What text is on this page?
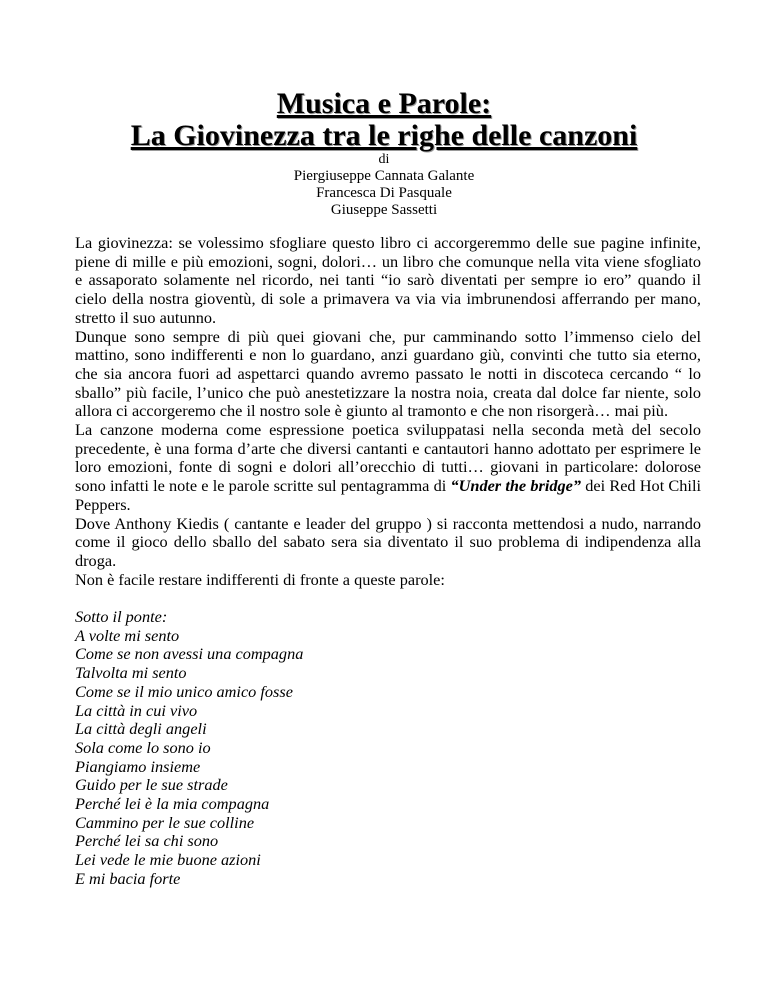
Musica e Parole:
La Giovinezza tra le righe delle canzoni
di
Piergiuseppe Cannata Galante
Francesca Di Pasquale
Giuseppe Sassetti

La giovinezza: se volessimo sfogliare questo libro ci accorgeremmo delle sue pagine infinite, piene di mille e più emozioni, sogni, dolori… un libro che comunque nella vita viene sfogliato e assaporato solamente nel ricordo, nei tanti “io sarò diventati per sempre io ero” quando il cielo della nostra gioventù, di sole a primavera va via via imbrunendosi afferrando per mano, stretto il suo autunno.

Dunque sono sempre di più quei giovani che, pur camminando sotto l’immenso cielo del mattino, sono indifferenti e non lo guardano, anzi guardano giù, convinti che tutto sia eterno, che sia ancora fuori ad aspettarci quando avremo passato le notti in discoteca cercando “ lo sballo” più facile, l’unico che può anestetizzare la nostra noia, creata dal dolce far niente, solo allora ci accorgeremo che il nostro sole è giunto al tramonto e che non risorgerà… mai più.

La canzone moderna come espressione poetica sviluppatasi nella seconda metà del secolo precedente, è una forma d’arte che diversi cantanti e cantautori hanno adottato per esprimere le loro emozioni, fonte di sogni e dolori all’orecchio di tutti… giovani in particolare: dolorose sono infatti le note e le parole scritte sul pentagramma di “Under the bridge” dei Red Hot Chili Peppers.

Dove Anthony Kiedis ( cantante e leader del gruppo ) si racconta mettendosi a nudo, narrando come il gioco dello sballo del sabato sera sia diventato il suo problema di indipendenza alla droga.

Non è facile restare indifferenti di fronte a queste parole:

Sotto il ponte:
A volte mi sento
Come se non avessi una compagna
Talvolta mi sento
Come se il mio unico amico fosse
La città in cui vivo
La città degli angeli
Sola come lo sono io
Piangiamo insieme
Guido per le sue strade
Perché lei è la mia compagna
Cammino per le sue colline
Perché lei sa chi sono
Lei vede le mie buone azioni
E mi bacia forte
